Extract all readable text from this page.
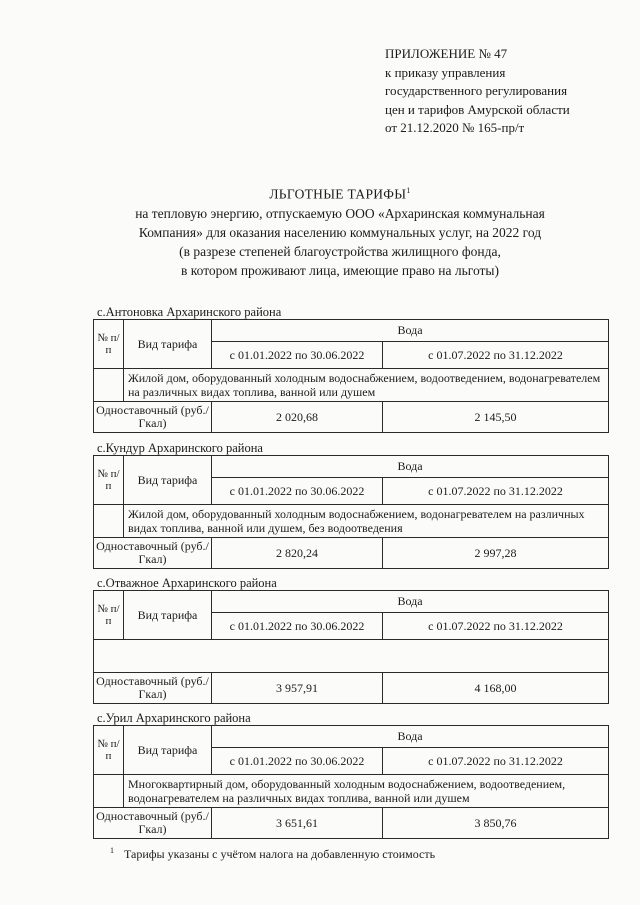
ПРИЛОЖЕНИЕ № 47
к приказу управления
государственного регулирования
цен и тарифов Амурской области
от 21.12.2020 № 165-пр/т
ЛЬГОТНЫЕ ТАРИФЫ$^1$
на тепловую энергию, отпускаемую ООО «Архаринская коммунальная
Компания» для оказания населению коммунальных услуг, на 2022 год
(в разрезе степеней благоустройства жилищного фонда,
в котором проживают лица, имеющие право на льготы)
с.Антоновка Архаринского района
№ п/п	Вид тарифа	Вода	
		с 01.01.2022 по 30.06.2022	с 01.07.2022 по 31.12.2022
	Жилой дом, оборудованный холодным водоснабжением, водоотведением, водонагревателем на различных видах топлива, ванной или душем		
Одноставочный (руб./Гкал)		2 020,68	2 145,50
с.Кундур Архаринского района
№ п/п	Вид тарифа	Вода	
		с 01.01.2022 по 30.06.2022	с 01.07.2022 по 31.12.2022
	Жилой дом, оборудованный холодным водоснабжением, водонагревателем на различных видах топлива, ванной или душем, без водоотведения		
Одноставочный (руб./Гкал)		2 820,24	2 997,28
с.Отважное Архаринского района
№ п/п	Вид тарифа	Вода	
		с 01.01.2022 по 30.06.2022	с 01.07.2022 по 31.12.2022

Одноставочный (руб./Гкал)		3 957,91	4 168,00
с.Урил Архаринского района
№ п/п	Вид тарифа	Вода	
		с 01.01.2022 по 30.06.2022	с 01.07.2022 по 31.12.2022
	Многоквартирный дом, оборудованный холодным водоснабжением, водоотведением, водонагревателем на различных видах топлива, ванной или душем		
Одноставочный (руб./Гкал)		3 651,61	3 850,76
$^1$ Тарифы указаны с учётом налога на добавленную стоимость
